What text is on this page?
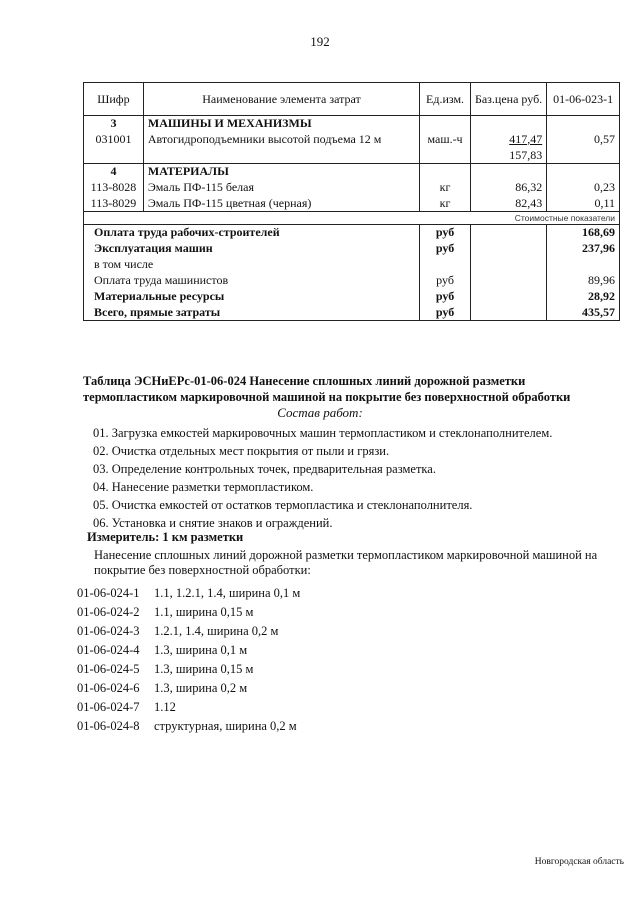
192
Шифр	Наименование элемента затрат	Ед.изм.	Баз.цена руб.	01-06-023-1
3	МАШИНЫ И МЕХАНИЗМЫ			
031001	Автогидроподъемники высотой подъема 12 м	маш.-ч	417,47	0,57
			157,83	
4	МАТЕРИАЛЫ			
113-8028	Эмаль ПФ-115 белая	кг	86,32	0,23
113-8029	Эмаль ПФ-115 цветная (черная)	кг	82,43	0,11
Стоимостные показатели				
Оплата труда рабочих-строителей		руб		168,69
Эксплуатация машин		руб		237,96
в том числе				
Оплата труда машинистов		руб		89,96
Материальные ресурсы		руб		28,92
Всего, прямые затраты		руб		435,57
Таблица ЭСНиЕРс-01-06-024 Нанесение сплошных линий дорожной разметки
термопластиком маркировочной машиной на покрытие без поверхностной обработки
Состав работ:
01. Загрузка емкостей маркировочных машин термопластиком и стеклонаполнителем.
02. Очистка отдельных мест покрытия от пыли и грязи.
03. Определение контрольных точек, предварительная разметка.
04. Нанесение разметки термопластиком.
05. Очистка емкостей от остатков термопластика и стеклонаполнителя.
06. Установка и снятие знаков и ограждений.
Измеритель: 1 км разметки
Нанесение сплошных линий дорожной разметки термопластиком маркировочной машиной на
покрытие без поверхностной обработки:
01-06-024-1 1.1, 1.2.1, 1.4, ширина 0,1 м
01-06-024-2 1.1, ширина 0,15 м
01-06-024-3 1.2.1, 1.4, ширина 0,2 м
01-06-024-4 1.3, ширина 0,1 м
01-06-024-5 1.3, ширина 0,15 м
01-06-024-6 1.3, ширина 0,2 м
01-06-024-7 1.12
01-06-024-8 структурная, ширина 0,2 м
Новгородская область
